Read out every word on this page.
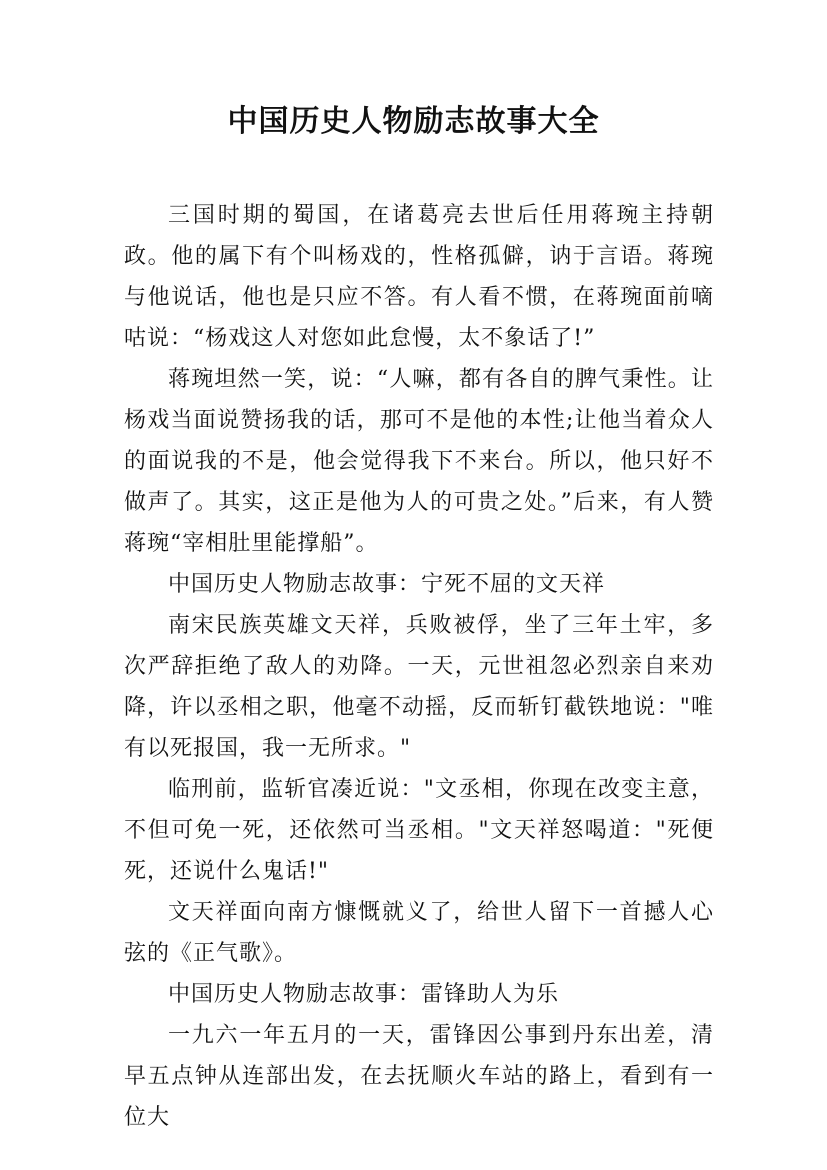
中国历史人物励志故事大全

三国时期的蜀国，在诸葛亮去世后任用蒋琬主持朝政。他的属下有个叫杨戏的，性格孤僻，讷于言语。蒋琬与他说话，他也是只应不答。有人看不惯，在蒋琬面前嘀咕说：“杨戏这人对您如此怠慢，太不象话了!”

蒋琬坦然一笑，说：“人嘛，都有各自的脾气秉性。让杨戏当面说赞扬我的话，那可不是他的本性;让他当着众人的面说我的不是，他会觉得我下不来台。所以，他只好不做声了。其实，这正是他为人的可贵之处。”后来，有人赞蒋琬“宰相肚里能撑船”。

中国历史人物励志故事：宁死不屈的文天祥

南宋民族英雄文天祥，兵败被俘，坐了三年土牢，多次严辞拒绝了敌人的劝降。一天，元世祖忽必烈亲自来劝降，许以丞相之职，他毫不动摇，反而斩钉截铁地说："唯有以死报国，我一无所求。"

临刑前，监斩官凑近说："文丞相，你现在改变主意，不但可免一死，还依然可当丞相。"文天祥怒喝道："死便死，还说什么鬼话!"

文天祥面向南方慷慨就义了，给世人留下一首撼人心弦的《正气歌》。

中国历史人物励志故事：雷锋助人为乐

一九六一年五月的一天，雷锋因公事到丹东出差，清早五点钟从连部出发，在去抚顺火车站的路上，看到有一位大
